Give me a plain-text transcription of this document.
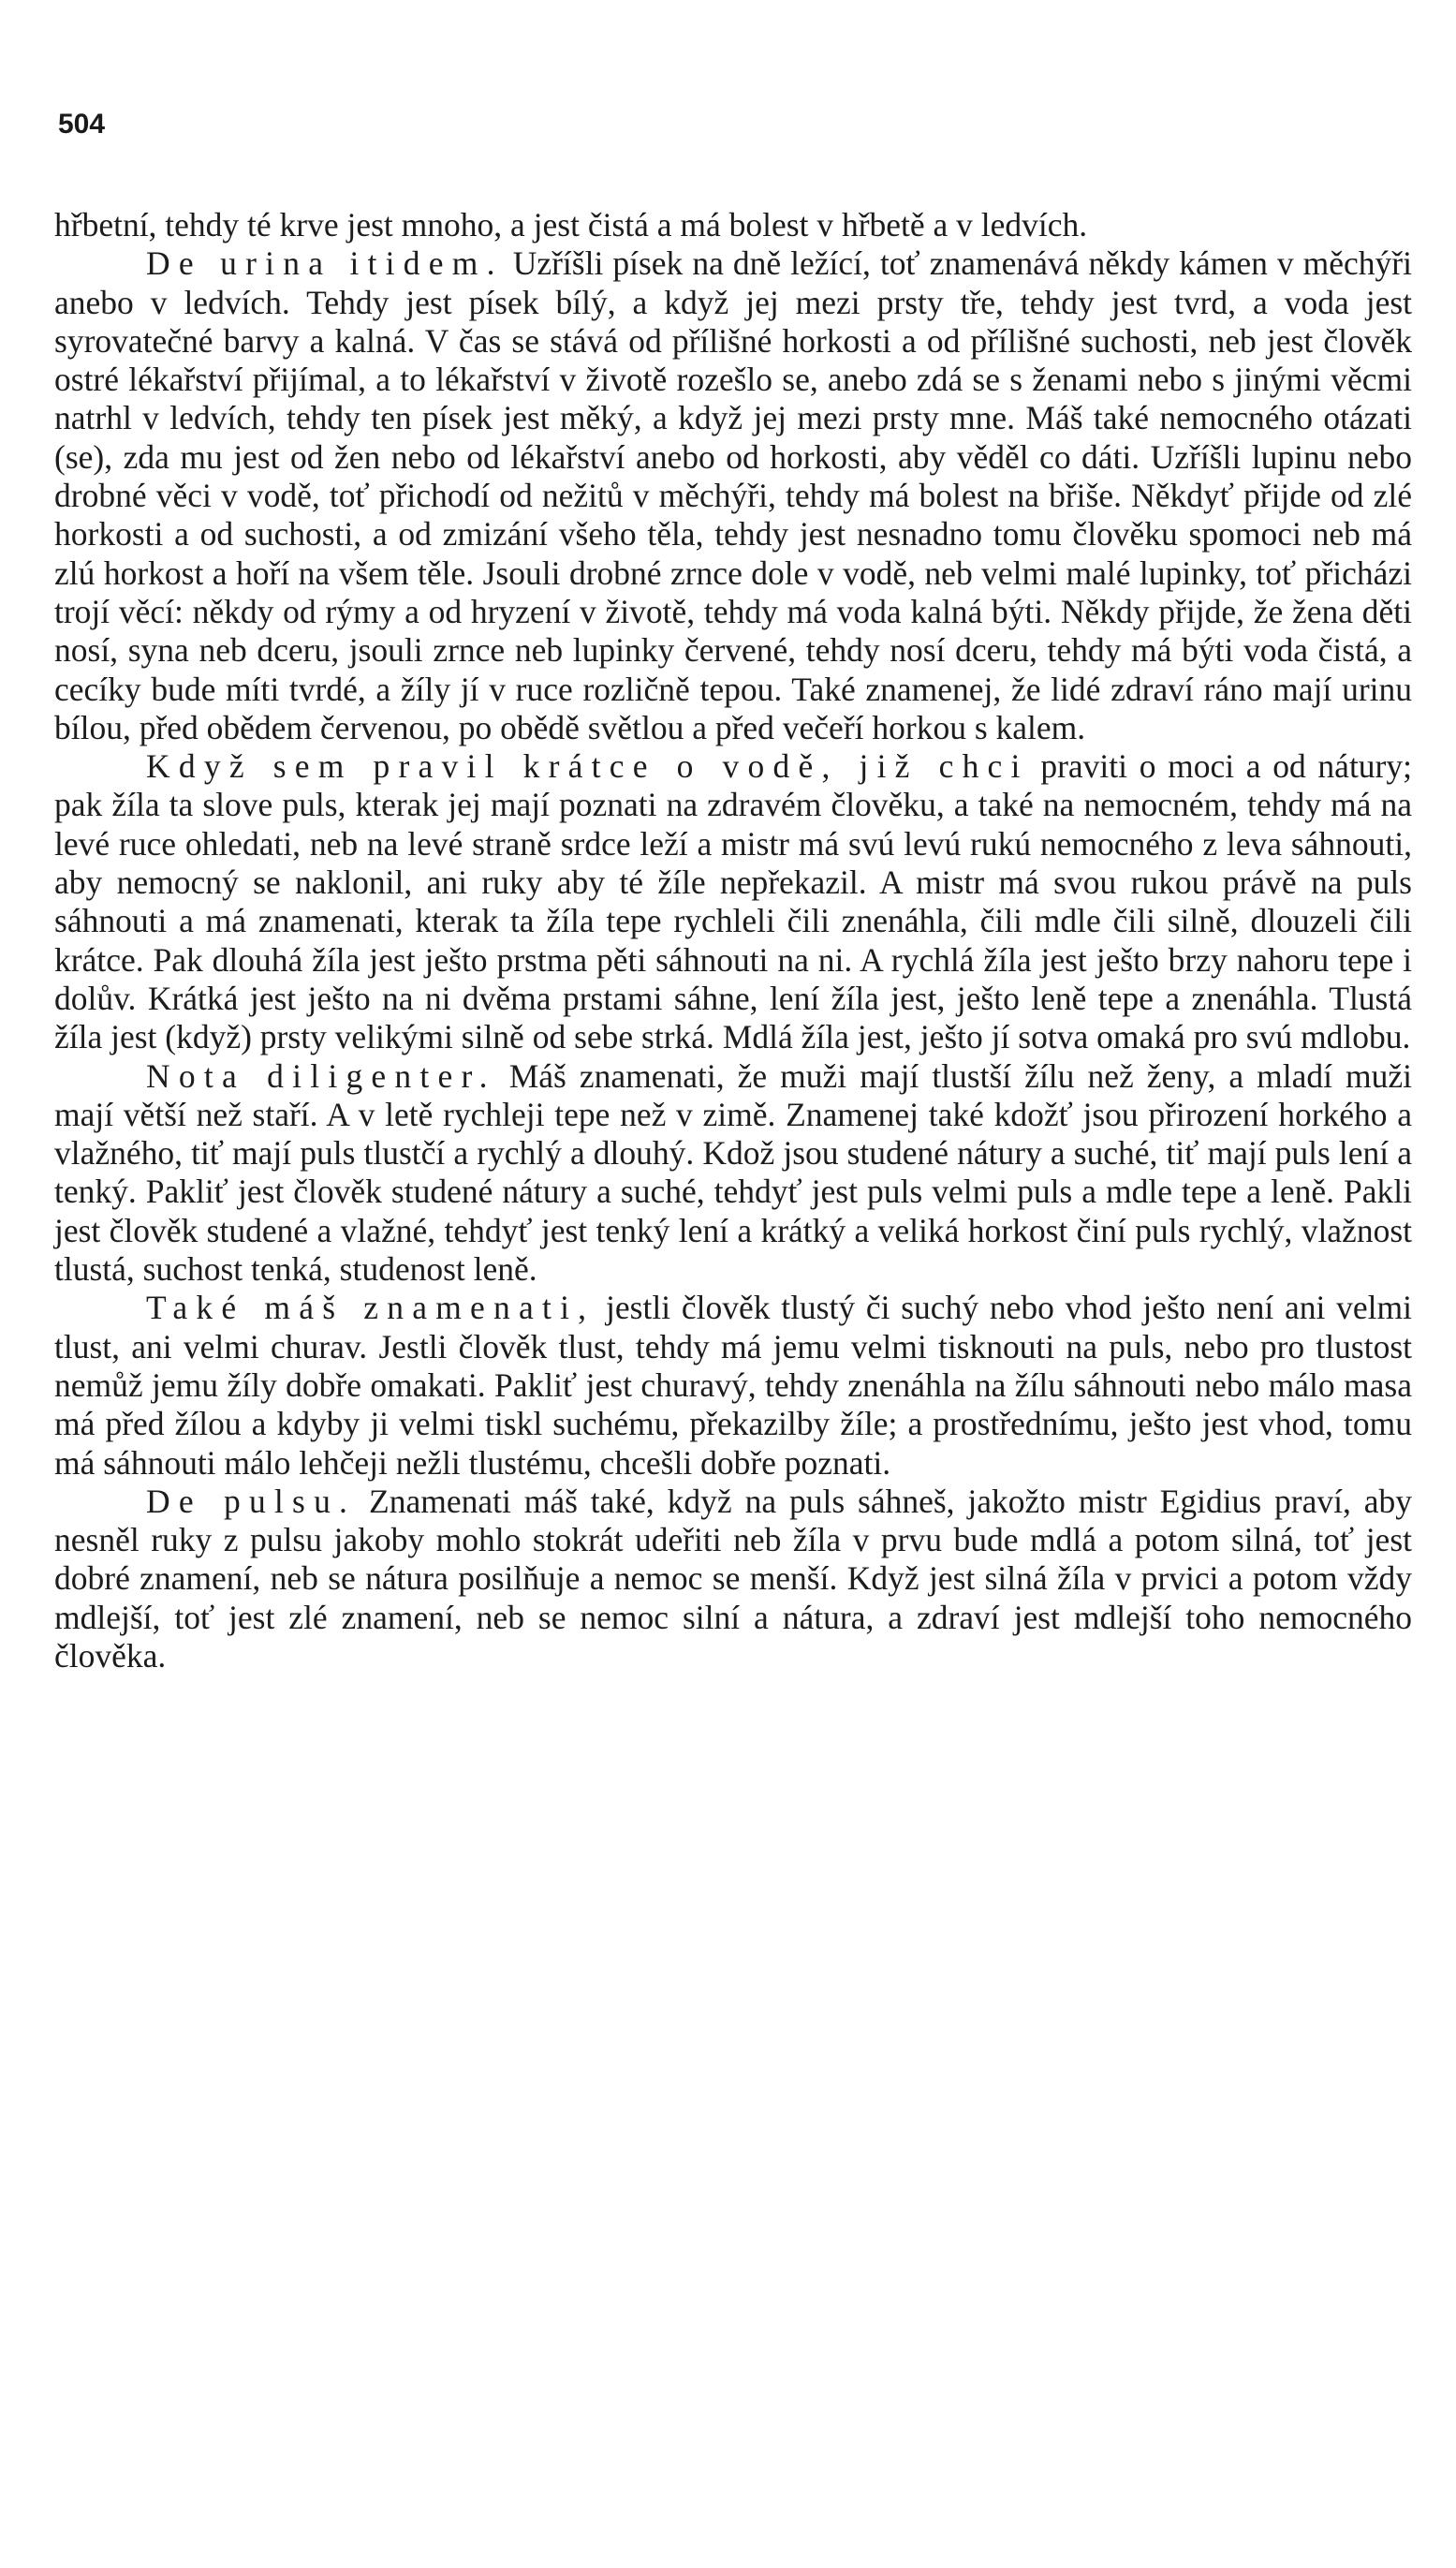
504

hřbetní, tehdy té krve jest mnoho, a jest čistá a má bolest v hřbetě a v ledvích.

De urina itidem. Uzříšli písek na dně ležící, toť znamenává někdy kámen v měchýři anebo v ledvích. Tehdy jest písek bílý, a když jej mezi prsty tře, tehdy jest tvrd, a voda jest syrovatečné barvy a kalná. V čas se stává od přílišné horkosti a od přílišné suchosti, neb jest člověk ostré lékařství přijímal, a to lékařství v životě rozešlo se, anebo zdá se s ženami nebo s jinými věcmi natrhl v ledvích, tehdy ten písek jest měký, a když jej mezi prsty mne. Máš také nemocného otázati (se), zda mu jest od žen nebo od lékařství anebo od horkosti, aby věděl co dáti. Uzříšli lupinu nebo drobné věci v vodě, toť přichodí od nežitů v měchýři, tehdy má bolest na břiše. Někdyť přijde od zlé horkosti a od suchosti, a od zmizání všeho těla, tehdy jest nesnadno tomu člověku spomoci neb má zlú horkost a hoří na všem těle. Jsouli drobné zrnce dole v vodě, neb velmi malé lupinky, toť přicházi trojí věcí: někdy od rýmy a od hryzení v životě, tehdy má voda kalná býti. Někdy přijde, že žena děti nosí, syna neb dceru, jsouli zrnce neb lupinky červené, tehdy nosí dceru, tehdy má býti voda čistá, a cecíky bude míti tvrdé, a žíly jí v ruce rozličně tepou. Také znamenej, že lidé zdraví ráno mají urinu bílou, před obědem červenou, po obědě světlou a před večeří horkou s kalem.

Když sem pravil krátce o vodě, již chci praviti o moci a od nátury; pak žíla ta slove puls, kterak jej mají poznati na zdravém člověku, a také na nemocném, tehdy má na levé ruce ohledati, neb na levé straně srdce leží a mistr má svú levú rukú nemocného z leva sáhnouti, aby nemocný se naklonil, ani ruky aby té žíle nepřekazil. A mistr má svou rukou právě na puls sáhnouti a má znamenati, kterak ta žíla tepe rychleli čili znenáhla, čili mdle čili silně, dlouzeli čili krátce. Pak dlouhá žíla jest ješto prstma pěti sáhnouti na ni. A rychlá žíla jest ješto brzy nahoru tepe i dolův. Krátká jest ješto na ni dvěma prstami sáhne, lení žíla jest, ješto leně tepe a znenáhla. Tlustá žíla jest (když) prsty velikými silně od sebe strká. Mdlá žíla jest, ješto jí sotva omaká pro svú mdlobu.

Nota diligenter. Máš znamenati, že muži mají tlustší žílu než ženy, a mladí muži mají větší než staří. A v letě rychleji tepe než v zimě. Znamenej také kdožť jsou přirození horkého a vlažného, tiť mají puls tlustčí a rychlý a dlouhý. Kdož jsou studené nátury a suché, tiť mají puls lení a tenký. Pakliť jest člověk studené nátury a suché, tehdyť jest puls velmi puls a mdle tepe a leně. Pakli jest člověk studené a vlažné, tehdyť jest tenký lení a krátký a veliká horkost činí puls rychlý, vlažnost tlustá, suchost tenká, studenost leně.

Také máš znamenati, jestli člověk tlustý či suchý nebo vhod ješto není ani velmi tlust, ani velmi churav. Jestli člověk tlust, tehdy má jemu velmi tisknouti na puls, nebo pro tlustost nemůž jemu žíly dobře omakati. Pakliť jest churavý, tehdy znenáhla na žílu sáhnouti nebo málo masa má před žílou a kdyby ji velmi tiskl suchému, překazilby žíle; a prostřednímu, ješto jest vhod, tomu má sáhnouti málo lehčeji nežli tlustému, chcešli dobře poznati.

De pulsu. Znamenati máš také, když na puls sáhneš, jakožto mistr Egidius praví, aby nesněl ruky z pulsu jakoby mohlo stokrát udeřiti neb žíla v prvu bude mdlá a potom silná, toť jest dobré znamení, neb se nátura posilňuje a nemoc se menší. Když jest silná žíla v prvici a potom vždy mdlejší, toť jest zlé znamení, neb se nemoc silní a nátura, a zdraví jest mdlejší toho nemocného člověka.
